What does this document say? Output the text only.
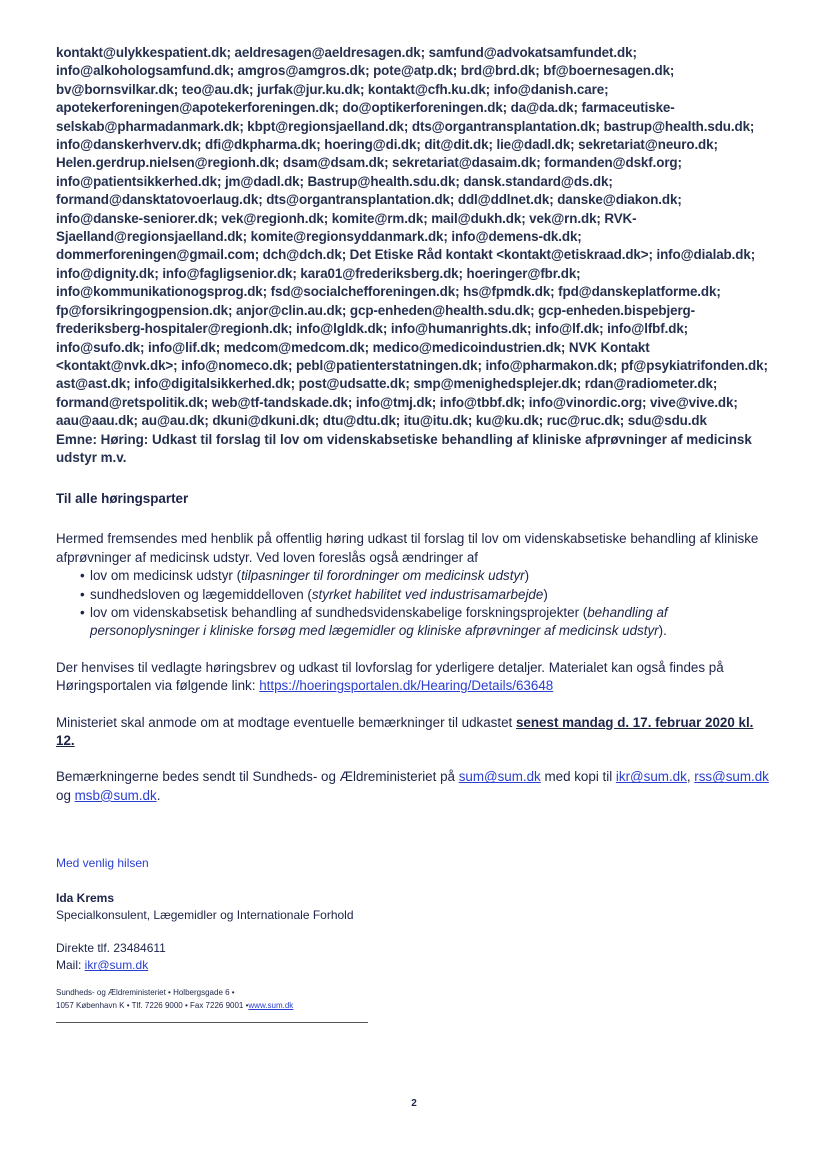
kontakt@ulykkespatient.dk; aeldresagen@aeldresagen.dk; samfund@advokatsamfundet.dk; info@alkohologsamfund.dk; amgros@amgros.dk; pote@atp.dk; brd@brd.dk; bf@boernesagen.dk; bv@bornsvilkar.dk; teo@au.dk; jurfak@jur.ku.dk; kontakt@cfh.ku.dk; info@danish.care; apotekerforeningen@apotekerforeningen.dk; do@optikerforeningen.dk; da@da.dk; farmaceutiske-selskab@pharmadanmark.dk; kbpt@regionsjaelland.dk; dts@organtransplantation.dk; bastrup@health.sdu.dk; info@danskerhverv.dk; dfi@dkpharma.dk; hoering@di.dk; dit@dit.dk; lie@dadl.dk; sekretariat@neuro.dk; Helen.gerdrup.nielsen@regionh.dk; dsam@dsam.dk; sekretariat@dasaim.dk; formanden@dskf.org; info@patientsikkerhed.dk; jm@dadl.dk; Bastrup@health.sdu.dk; dansk.standard@ds.dk; formand@dansktatovoerlaug.dk; dts@organtransplantation.dk; ddl@ddlnet.dk; danske@diakon.dk; info@danske-seniorer.dk; vek@regionh.dk; komite@rm.dk; mail@dukh.dk; vek@rn.dk; RVK-Sjaelland@regionsjaelland.dk; komite@regionsyddanmark.dk; info@demens-dk.dk; dommerforeningen@gmail.com; dch@dch.dk; Det Etiske Råd kontakt <kontakt@etiskraad.dk>; info@dialab.dk; info@dignity.dk; info@fagligsenior.dk; kara01@frederiksberg.dk; hoeringer@fbr.dk; info@kommunikationogsprog.dk; fsd@socialchefforeningen.dk; hs@fpmdk.dk; fpd@danskeplatforme.dk; fp@forsikringogpension.dk; anjor@clin.au.dk; gcp-enheden@health.sdu.dk; gcp-enheden.bispebjerg-frederiksberg-hospitaler@regionh.dk; info@lgldk.dk; info@humanrights.dk; info@lf.dk; info@lfbf.dk; info@sufo.dk; info@lif.dk; medcom@medcom.dk; medico@medicoindustrien.dk; NVK Kontakt <kontakt@nvk.dk>; info@nomeco.dk; pebl@patienterstatningen.dk; info@pharmakon.dk; pf@psykiatrifonden.dk; ast@ast.dk; info@digitalsikkerhed.dk; post@udsatte.dk; smp@menighedsplejer.dk; rdan@radiometer.dk; formand@retspolitik.dk; web@tf-tandskade.dk; info@tmj.dk; info@tbbf.dk; info@vinordic.org; vive@vive.dk; aau@aau.dk; au@au.dk; dkuni@dkuni.dk; dtu@dtu.dk; itu@itu.dk; ku@ku.dk; ruc@ruc.dk; sdu@sdu.dk

Emne: Høring: Udkast til forslag til lov om videnskabsetiske behandling af kliniske afprøvninger af medicinsk udstyr m.v.

Til alle høringsparter

Hermed fremsendes med henblik på offentlig høring udkast til forslag til lov om videnskabsetiske behandling af kliniske afprøvninger af medicinsk udstyr. Ved loven foreslås også ændringer af

• lov om medicinsk udstyr (tilpasninger til forordninger om medicinsk udstyr)
• sundhedsloven og lægemiddelloven (styrket habilitet ved industrisamarbejde)
• lov om videnskabsetisk behandling af sundhedsvidenskabelige forskningsprojekter (behandling af personoplysninger i kliniske forsøg med lægemidler og kliniske afprøvninger af medicinsk udstyr).

Der henvises til vedlagte høringsbrev og udkast til lovforslag for yderligere detaljer. Materialet kan også findes på Høringsportalen via følgende link: https://hoeringsportalen.dk/Hearing/Details/63648

Ministeriet skal anmode om at modtage eventuelle bemærkninger til udkastet senest mandag d. 17. februar 2020 kl. 12.

Bemærkningerne bedes sendt til Sundheds- og Ældreministeriet på sum@sum.dk med kopi til ikr@sum.dk, rss@sum.dk og msb@sum.dk.

Med venlig hilsen

Ida Krems

Specialkonsulent, Lægemidler og Internationale Forhold

Direkte tlf. 23484611

Mail: ikr@sum.dk

Sundheds- og Ældreministeriet • Holbergsgade 6 •
1057 København K • Tlf. 7226 9000 • Fax 7226 9001 •www.sum.dk
2
